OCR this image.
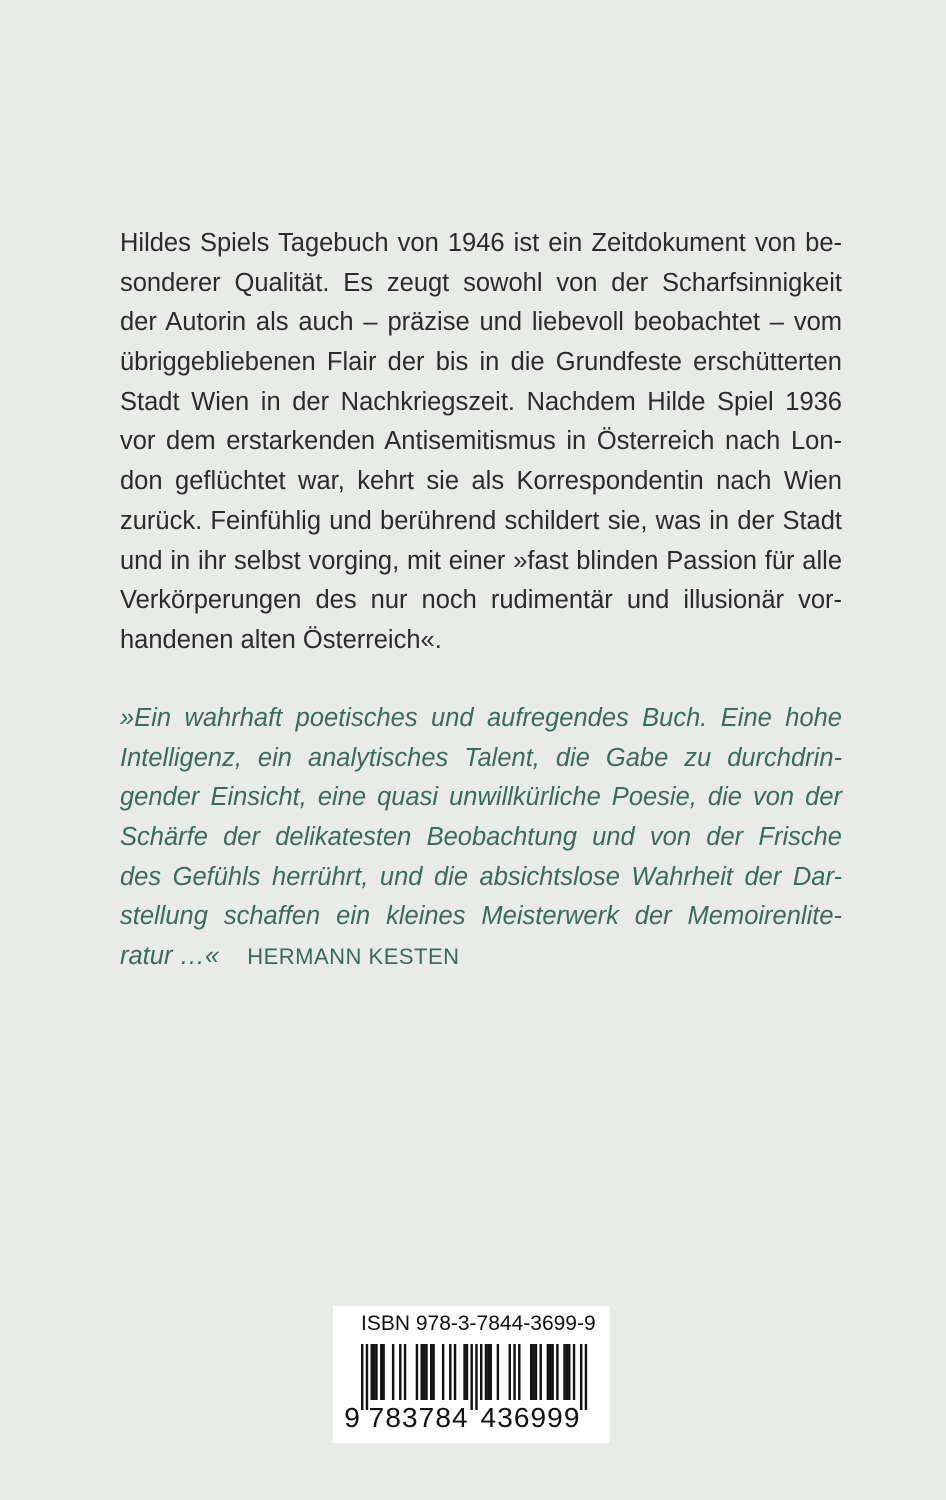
Hildes Spiels Tagebuch von 1946 ist ein Zeitdokument von be-
sonderer Qualität. Es zeugt sowohl von der Scharfsinnigkeit
der Autorin als auch – präzise und liebevoll beobachtet – vom
übriggebliebenen Flair der bis in die Grundfeste erschütterten
Stadt Wien in der Nachkriegszeit. Nachdem Hilde Spiel 1936
vor dem erstarkenden Antisemitismus in Österreich nach Lon-
don geflüchtet war, kehrt sie als Korrespondentin nach Wien
zurück. Feinfühlig und berührend schildert sie, was in der Stadt
und in ihr selbst vorging, mit einer »fast blinden Passion für alle
Verkörperungen des nur noch rudimentär und illusionär vor-
handenen alten Österreich«.
»Ein wahrhaft poetisches und aufregendes Buch. Eine hohe
Intelligenz, ein analytisches Talent, die Gabe zu durchdrin-
gender Einsicht, eine quasi unwillkürliche Poesie, die von der
Schärfe der delikatesten Beobachtung und von der Frische
des Gefühls herrührt, und die absichtslose Wahrheit der Dar-
stellung schaffen ein kleines Meisterwerk der Memoirenlite-
ratur …« HERMANN KESTEN
ISBN 978-3-7844-3699-9
9 7 8 3 7 8 4 4 3 6 9 9 9
